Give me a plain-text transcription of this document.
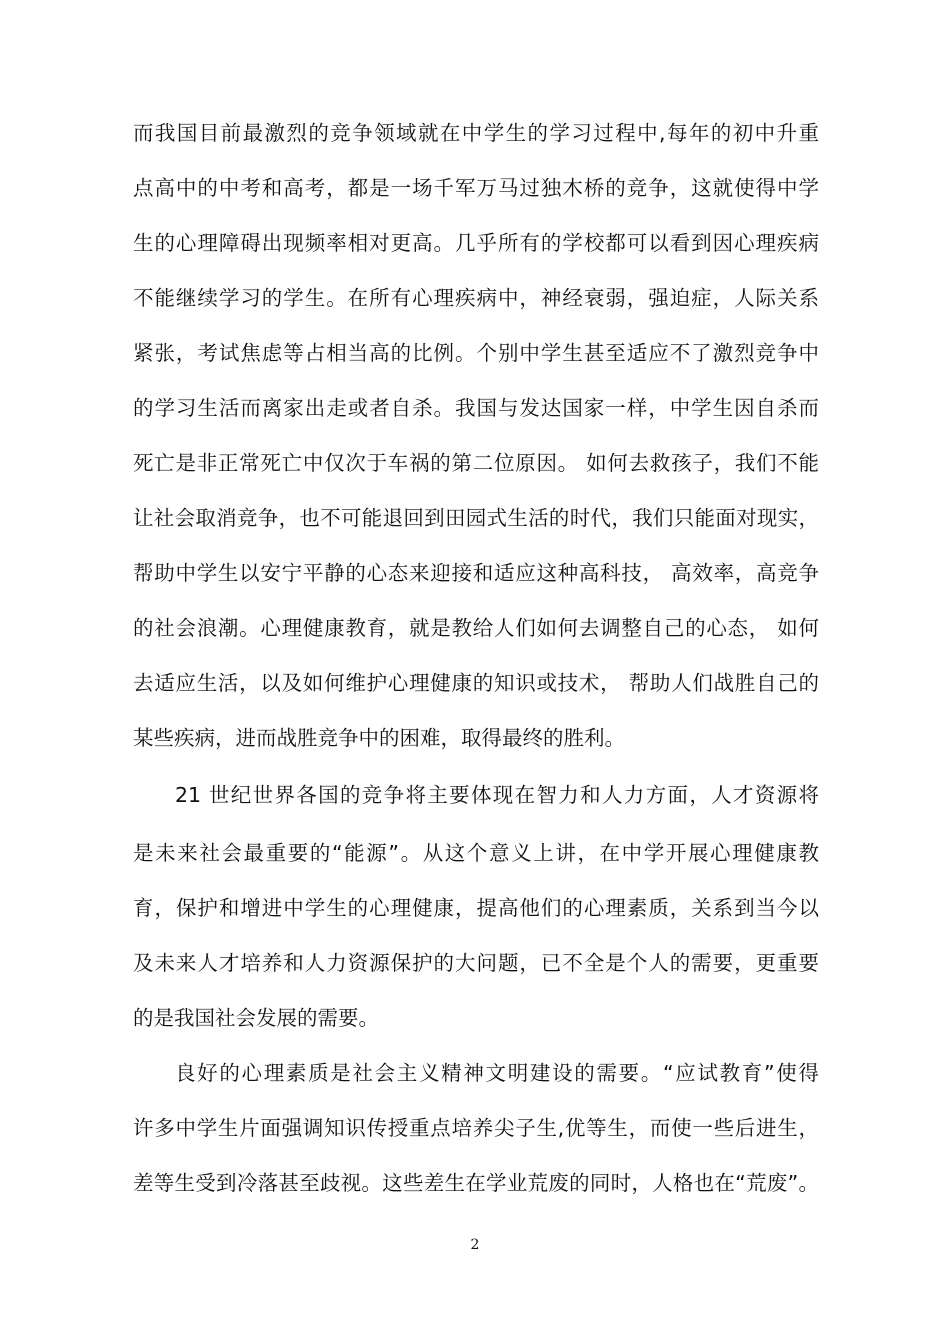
而我国目前最激烈的竞争领域就在中学生的学习过程中,每年的初中升重
点高中的中考和高考，都是一场千军万马过独木桥的竞争，这就使得中学
生的心理障碍出现频率相对更高。几乎所有的学校都可以看到因心理疾病
不能继续学习的学生。在所有心理疾病中，神经衰弱，强迫症，人际关系
紧张，考试焦虑等占相当高的比例。个别中学生甚至适应不了激烈竞争中
的学习生活而离家出走或者自杀。我国与发达国家一样，中学生因自杀而
死亡是非正常死亡中仅次于车祸的第二位原因。 如何去救孩子，我们不能
让社会取消竞争，也不可能退回到田园式生活的时代，我们只能面对现实，
帮助中学生以安宁平静的心态来迎接和适应这种高科技， 高效率，高竞争
的社会浪潮。心理健康教育，就是教给人们如何去调整自己的心态， 如何
去适应生活，以及如何维护心理健康的知识或技术， 帮助人们战胜自己的
某些疾病，进而战胜竞争中的困难，取得最终的胜利。
21 世纪世界各国的竞争将主要体现在智力和人力方面，人才资源将
是未来社会最重要的“能源”。从这个意义上讲，在中学开展心理健康教
育，保护和增进中学生的心理健康，提高他们的心理素质，关系到当今以
及未来人才培养和人力资源保护的大问题，已不全是个人的需要，更重要
的是我国社会发展的需要。
良好的心理素质是社会主义精神文明建设的需要。“应试教育”使得
许多中学生片面强调知识传授重点培养尖子生,优等生，而使一些后进生，
差等生受到冷落甚至歧视。这些差生在学业荒废的同时，人格也在“荒废”。
2
